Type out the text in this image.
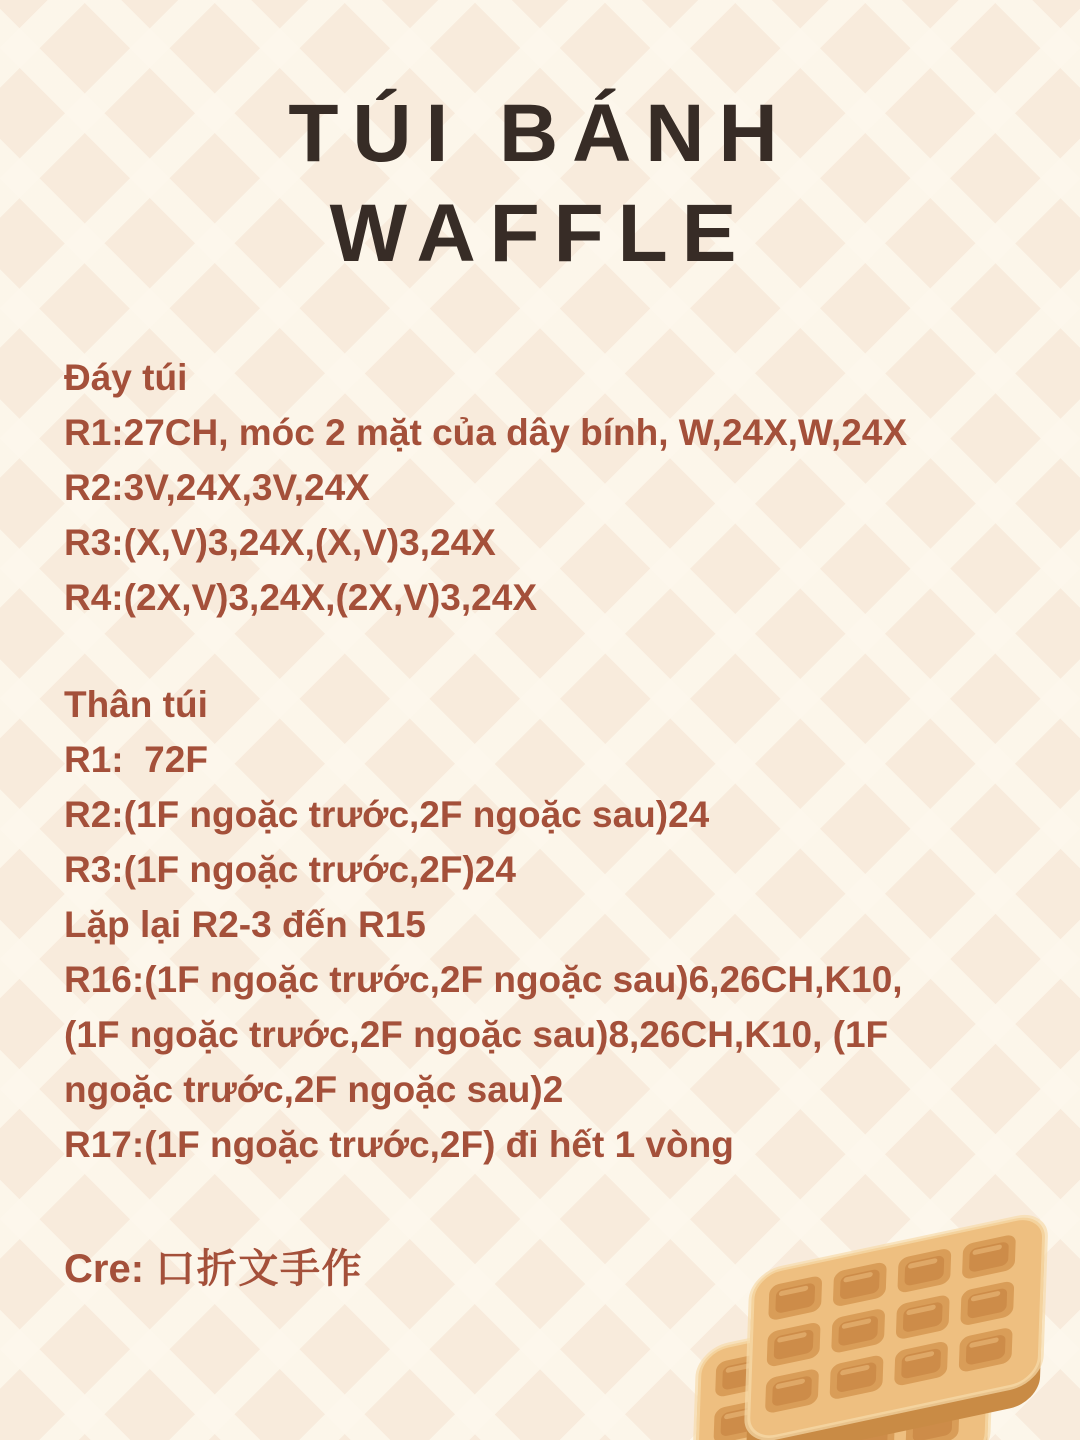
TÚI BÁNH
WAFFLE
Đáy túi
R1:27CH, móc 2 mặt của dây bính, W,24X,W,24X
R2:3V,24X,3V,24X
R3:(X,V)3,24X,(X,V)3,24X
R4:(2X,V)3,24X,(2X,V)3,24X
Thân túi
R1:  72F
R2:(1F ngoặc trước,2F ngoặc sau)24
R3:(1F ngoặc trước,2F)24
Lặp lại R2-3 đến R15
R16:(1F ngoặc trước,2F ngoặc sau)6,26CH,K10,
(1F ngoặc trước,2F ngoặc sau)8,26CH,K10, (1F
ngoặc trước,2F ngoặc sau)2
R17:(1F ngoặc trước,2F) đi hết 1 vòng
Cre: 口折文手作
